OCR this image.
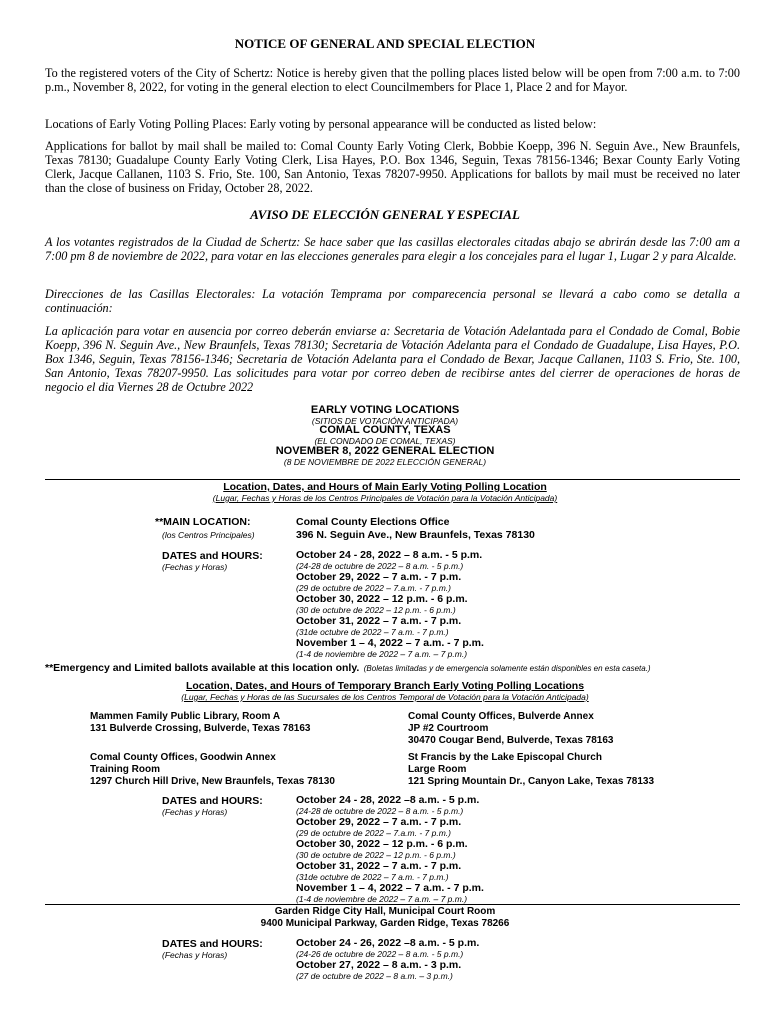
NOTICE OF GENERAL AND SPECIAL ELECTION
To the registered voters of the City of Schertz: Notice is hereby given that the polling places listed below will be open from 7:00 a.m. to 7:00 p.m., November 8, 2022, for voting in the general election to elect Councilmembers for Place 1, Place 2 and for Mayor.
Locations of Early Voting Polling Places: Early voting by personal appearance will be conducted as listed below:
Applications for ballot by mail shall be mailed to: Comal County Early Voting Clerk, Bobbie Koepp, 396 N. Seguin Ave., New Braunfels, Texas 78130; Guadalupe County Early Voting Clerk, Lisa Hayes, P.O. Box 1346, Seguin, Texas 78156-1346; Bexar County Early Voting Clerk, Jacque Callanen, 1103 S. Frio, Ste. 100, San Antonio, Texas 78207-9950. Applications for ballots by mail must be received no later than the close of business on Friday, October 28, 2022.
AVISO DE ELECCIÓN GENERAL Y ESPECIAL
A los votantes registrados de la Ciudad de Schertz: Se hace saber que las casillas electorales citadas abajo se abrirán desde las 7:00 am a 7:00 pm 8 de noviembre de 2022, para votar en las elecciones generales para elegir a los concejales para el lugar 1, Lugar 2 y para Alcalde.
Direcciones de las Casillas Electorales: La votación Temprama por comparecencia personal se llevará a cabo como se detalla a continuación:
La aplicación para votar en ausencia por correo deberán enviarse a: Secretaria de Votación Adelantada para el Condado de Comal, Bobie Koepp, 396 N. Seguin Ave., New Braunfels, Texas 78130; Secretaria de Votación Adelanta para el Condado de Guadalupe, Lisa Hayes, P.O. Box 1346, Seguin, Texas 78156-1346; Secretaria de Votación Adelanta para el Condado de Bexar, Jacque Callanen, 1103 S. Frio, Ste. 100, San Antonio, Texas 78207-9950. Las solicitudes para votar por correo deben de recibirse antes del cierrer de operaciones de horas de negocio el dia Viernes 28 de Octubre 2022
EARLY VOTING LOCATIONS
(SITIOS DE VOTACIÓN ANTICIPADA)
COMAL COUNTY, TEXAS
(EL CONDADO DE COMAL, TEXAS)
NOVEMBER 8, 2022 GENERAL ELECTION
(8 DE NOVIEMBRE DE 2022 ELECCIÓN GENERAL)
Location, Dates, and Hours of Main Early Voting Polling Location
(Lugar, Fechas y Horas de los Centros Principales de Votación para la Votación Anticipada)
**MAIN LOCATION:
(los Centros Principales)
Comal County Elections Office
396 N. Seguin Ave., New Braunfels, Texas 78130
DATES and HOURS:
(Fechas y Horas)
October 24 - 28, 2022 – 8 a.m. - 5 p.m.
(24-28 de octubre de 2022 – 8 a.m. - 5 p.m.)
October 29, 2022 – 7 a.m. - 7 p.m.
(29 de octubre de 2022 – 7.a.m. - 7 p.m.)
October 30, 2022 – 12 p.m. - 6 p.m.
(30 de octubre de 2022 – 12 p.m. - 6 p.m.)
October 31, 2022 – 7 a.m. - 7 p.m.
(31de octubre de 2022 – 7 a.m. - 7 p.m.)
November 1 – 4, 2022 – 7 a.m. - 7 p.m.
(1-4 de noviembre de 2022 – 7 a.m. – 7 p.m.)
**Emergency and Limited ballots available at this location only. (Boletas limitadas y de emergencia solamente están disponibles en esta caseta.)
Location, Dates, and Hours of Temporary Branch Early Voting Polling Locations
(Lugar, Fechas y Horas de las Sucursales de los Centros Temporal de Votación para la Votación Anticipada)
Mammen Family Public Library, Room A
131 Bulverde Crossing, Bulverde, Texas 78163
Comal County Offices, Bulverde Annex
JP #2 Courtroom
30470 Cougar Bend, Bulverde, Texas 78163
Comal County Offices, Goodwin Annex
Training Room
1297 Church Hill Drive, New Braunfels, Texas 78130
St Francis by the Lake Episcopal Church
Large Room
121 Spring Mountain Dr., Canyon Lake, Texas 78133
DATES and HOURS:
(Fechas y Horas)
October 24 - 28, 2022 –8 a.m. - 5 p.m.
(24-28 de octubre de 2022 – 8 a.m. - 5 p.m.)
October 29, 2022 – 7 a.m. - 7 p.m.
(29 de octubre de 2022 – 7.a.m. - 7 p.m.)
October 30, 2022 – 12 p.m. - 6 p.m.
(30 de octubre de 2022 – 12 p.m. - 6 p.m.)
October 31, 2022 – 7 a.m. - 7 p.m.
(31de octubre de 2022 – 7 a.m. - 7 p.m.)
November 1 – 4, 2022 – 7 a.m. - 7 p.m.
(1-4 de noviembre de 2022 – 7 a.m. – 7 p.m.)
Garden Ridge City Hall, Municipal Court Room
9400 Municipal Parkway, Garden Ridge, Texas 78266
DATES and HOURS:
(Fechas y Horas)
October 24 - 26, 2022 –8 a.m. - 5 p.m.
(24-26 de octubre de 2022 – 8 a.m. - 5 p.m.)
October 27, 2022 – 8 a.m. - 3 p.m.
(27 de octubre de 2022 – 8 a.m. – 3 p.m.)
